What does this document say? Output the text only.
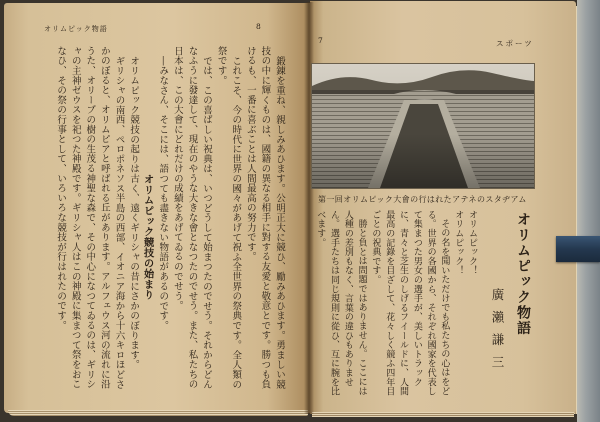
オリムピック物語	8
7	スポーツ

鍛錬を重ね、親しみあひます。公明正大に競ひ、勵みあひます。勇ましい競技の中に輝くものは、國籍の異なる相手に對する友愛と敬意とです。勝つも負けるも、一番に喜ぶことは人間最高の努力です。

これこそ、今の時代に世界の國々があげて祝ふ全世界の祭典です。全人類の祭です。

では、この喜ばしい祝典は、いつどうして始まつたのでせう。それからどんなふうに發達して、現在のやうな大きな會となつたのでせう。また、私たちの日本は、この大會にどれだけの成績をあげてゐるのでせう。

―みなさん、そこには、語つても盡きない物語があるのです。

オリムピック競技の始まり

オリムピック競技の起りは古く、遠くギリシャの昔にさかのぼります。

ギリシャの南西、ペロポネソス半島の西部、イオニア海から十六キロほどさかのぼると、オリムピアと呼ばれる丘があります。アルフェウス河の流れに沿うた、オリーブの樹の生茂る神聖な森で、その中心になつてゐるのは、ギリシャの主神ゼウスを祀つた神殿です。ギリシャ人はこの神殿に集まつて祭をおこなひ、その祭の行事として、いろいろな競技が行はれたのです。	第一回オリムピック大會の行はれたアテネのスタヂアム
オリムピック物語
廣瀨謙三

オリムピック！

オリムピック！

その名を聞いただけでも私たちの心はをどる。世界の各國から、それぞれ國家を代表して集まつた男女の選手が、美しいトラックに、青々と芝生のしげるフイールドに、人間最高の記錄を目ざして、花々しく競ふ四年目ごとの祝典です。

勝と負とは問題ではありません。ここには人種の差別もなく、言葉の違ひもありません。選手たちは同じ規則に從ひ、互に腕を比べます。
